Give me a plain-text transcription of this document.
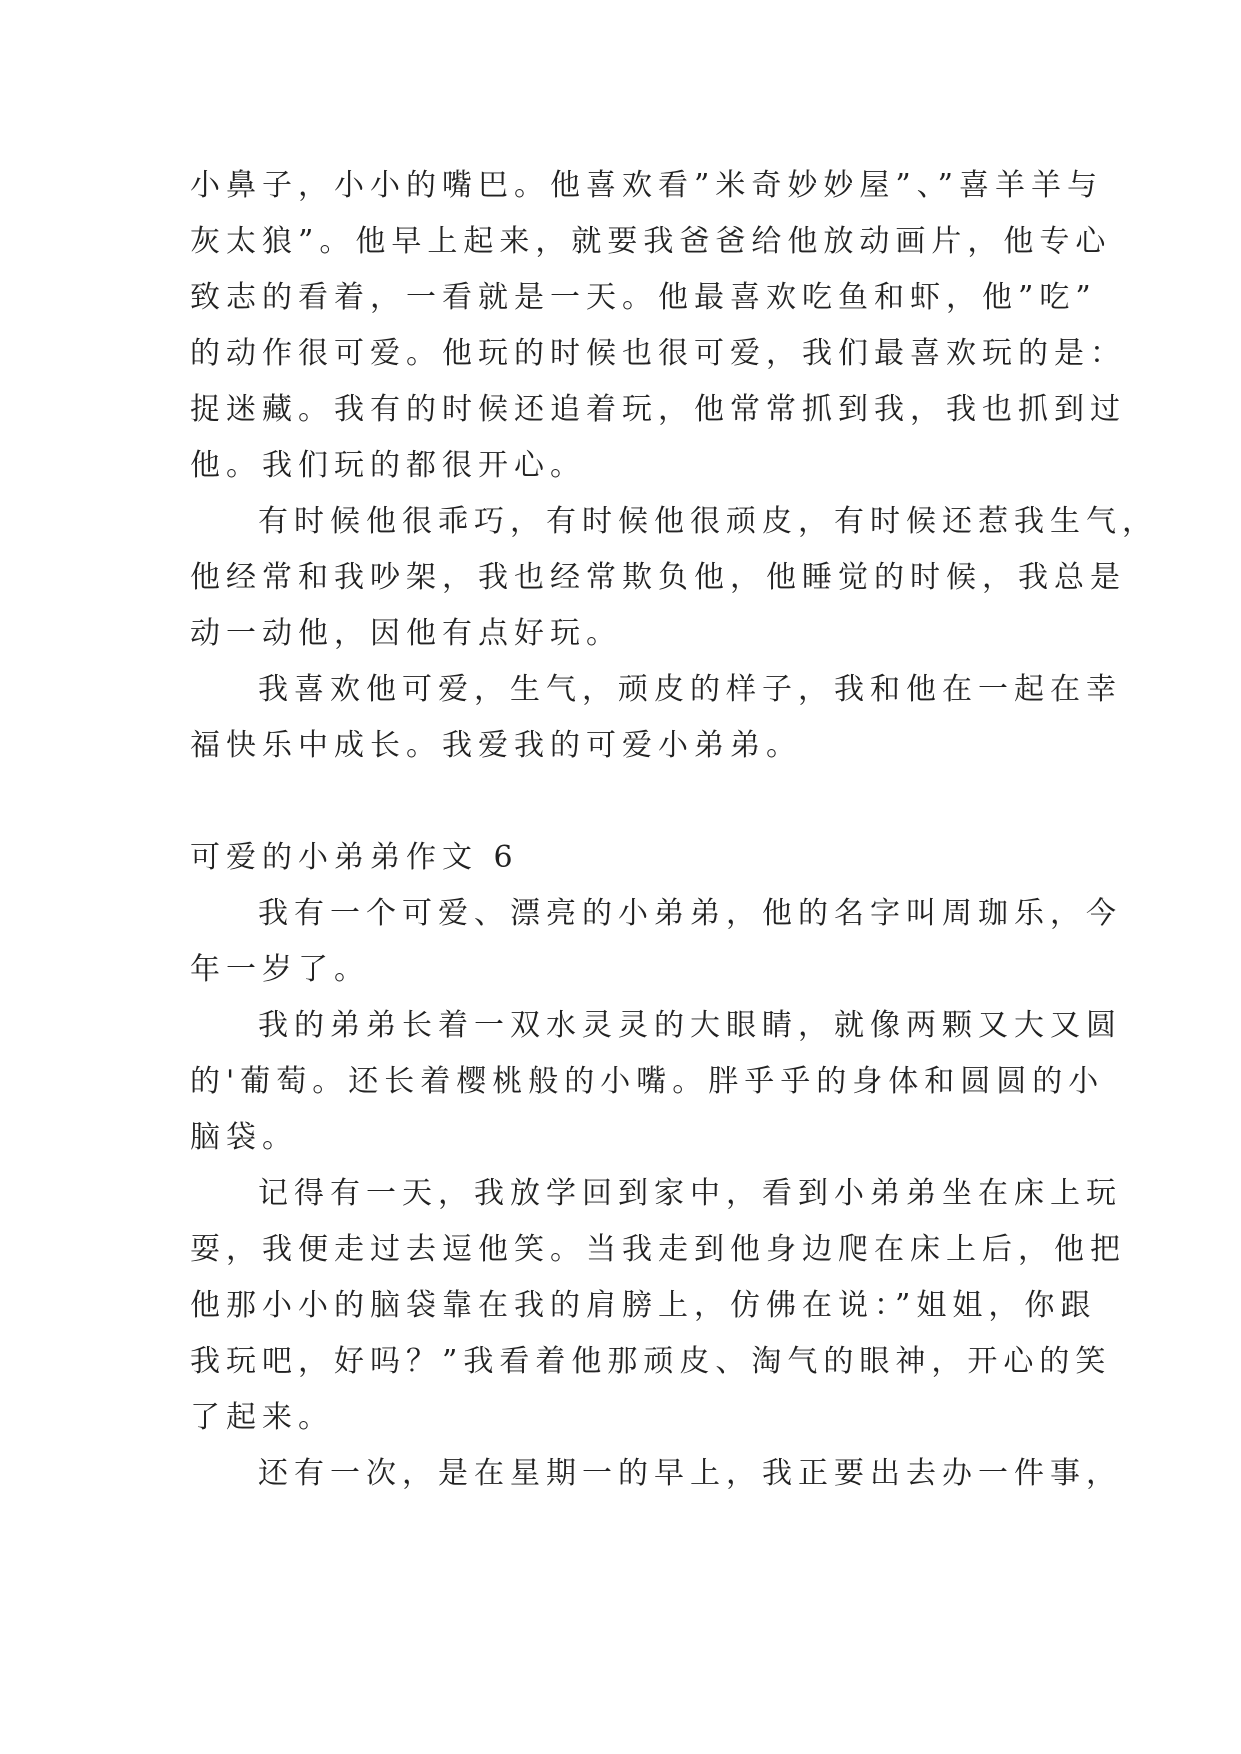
小鼻子，小小的嘴巴。他喜欢看”米奇妙妙屋”、”喜羊羊与
灰太狼”。他早上起来，就要我爸爸给他放动画片，他专心
致志的看着，一看就是一天。他最喜欢吃鱼和虾，他”吃”
的动作很可爱。他玩的时候也很可爱，我们最喜欢玩的是：
捉迷藏。我有的时候还追着玩，他常常抓到我，我也抓到过
他。我们玩的都很开心。
有时候他很乖巧，有时候他很顽皮，有时候还惹我生气，
他经常和我吵架，我也经常欺负他，他睡觉的时候，我总是
动一动他，因他有点好玩。
我喜欢他可爱，生气，顽皮的样子，我和他在一起在幸
福快乐中成长。我爱我的可爱小弟弟。
可爱的小弟弟作文 6
我有一个可爱、漂亮的小弟弟，他的名字叫周珈乐，今
年一岁了。
我的弟弟长着一双水灵灵的大眼睛，就像两颗又大又圆
的'葡萄。还长着樱桃般的小嘴。胖乎乎的身体和圆圆的小
脑袋。
记得有一天，我放学回到家中，看到小弟弟坐在床上玩
耍，我便走过去逗他笑。当我走到他身边爬在床上后，他把
他那小小的脑袋靠在我的肩膀上，仿佛在说：”姐姐，你跟
我玩吧，好吗？”我看着他那顽皮、淘气的眼神，开心的笑
了起来。
还有一次，是在星期一的早上，我正要出去办一件事，
